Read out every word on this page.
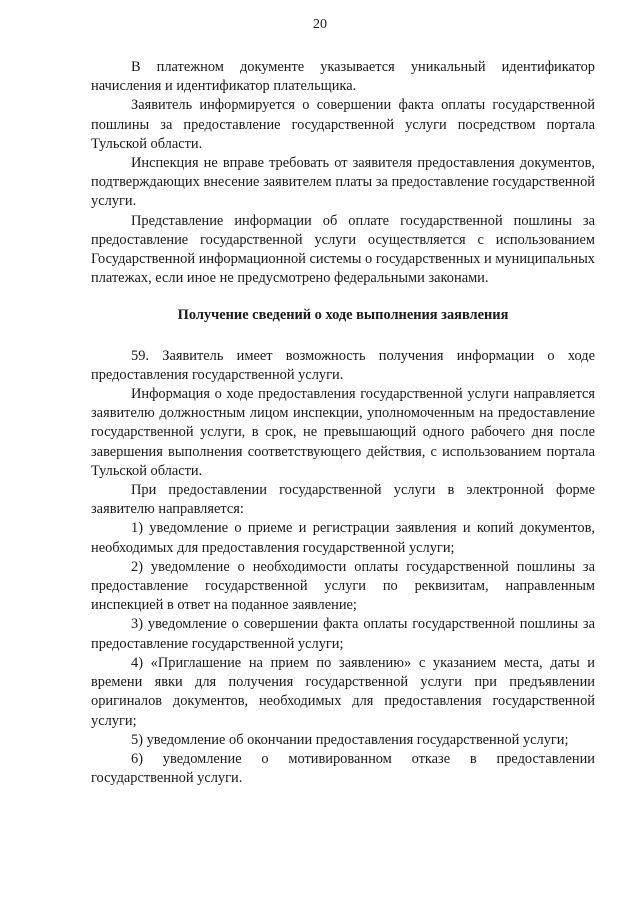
20

В платежном документе указывается уникальный идентификатор начисления и идентификатор плательщика.

Заявитель информируется о совершении факта оплаты государственной пошлины за предоставление государственной услуги посредством портала Тульской области.

Инспекция не вправе требовать от заявителя предоставления документов, подтверждающих внесение заявителем платы за предоставление государственной услуги.

Представление информации об оплате государственной пошлины за предоставление государственной услуги осуществляется с использованием Государственной информационной системы о государственных и муниципальных платежах, если иное не предусмотрено федеральными законами.

Получение сведений о ходе выполнения заявления

59. Заявитель имеет возможность получения информации о ходе предоставления государственной услуги.

Информация о ходе предоставления государственной услуги направляется заявителю должностным лицом инспекции, уполномоченным на предоставление государственной услуги, в срок, не превышающий одного рабочего дня после завершения выполнения соответствующего действия, с использованием портала Тульской области.

При предоставлении государственной услуги в электронной форме заявителю направляется:

1) уведомление о приеме и регистрации заявления и копий документов, необходимых для предоставления государственной услуги;

2) уведомление о необходимости оплаты государственной пошлины за предоставление государственной услуги по реквизитам, направленным инспекцией в ответ на поданное заявление;

3) уведомление о совершении факта оплаты государственной пошлины за предоставление государственной услуги;

4) «Приглашение на прием по заявлению» с указанием места, даты и времени явки для получения государственной услуги при предъявлении оригиналов документов, необходимых для предоставления государственной услуги;

5) уведомление об окончании предоставления государственной услуги;

6) уведомление о мотивированном отказе в предоставлении государственной услуги.
